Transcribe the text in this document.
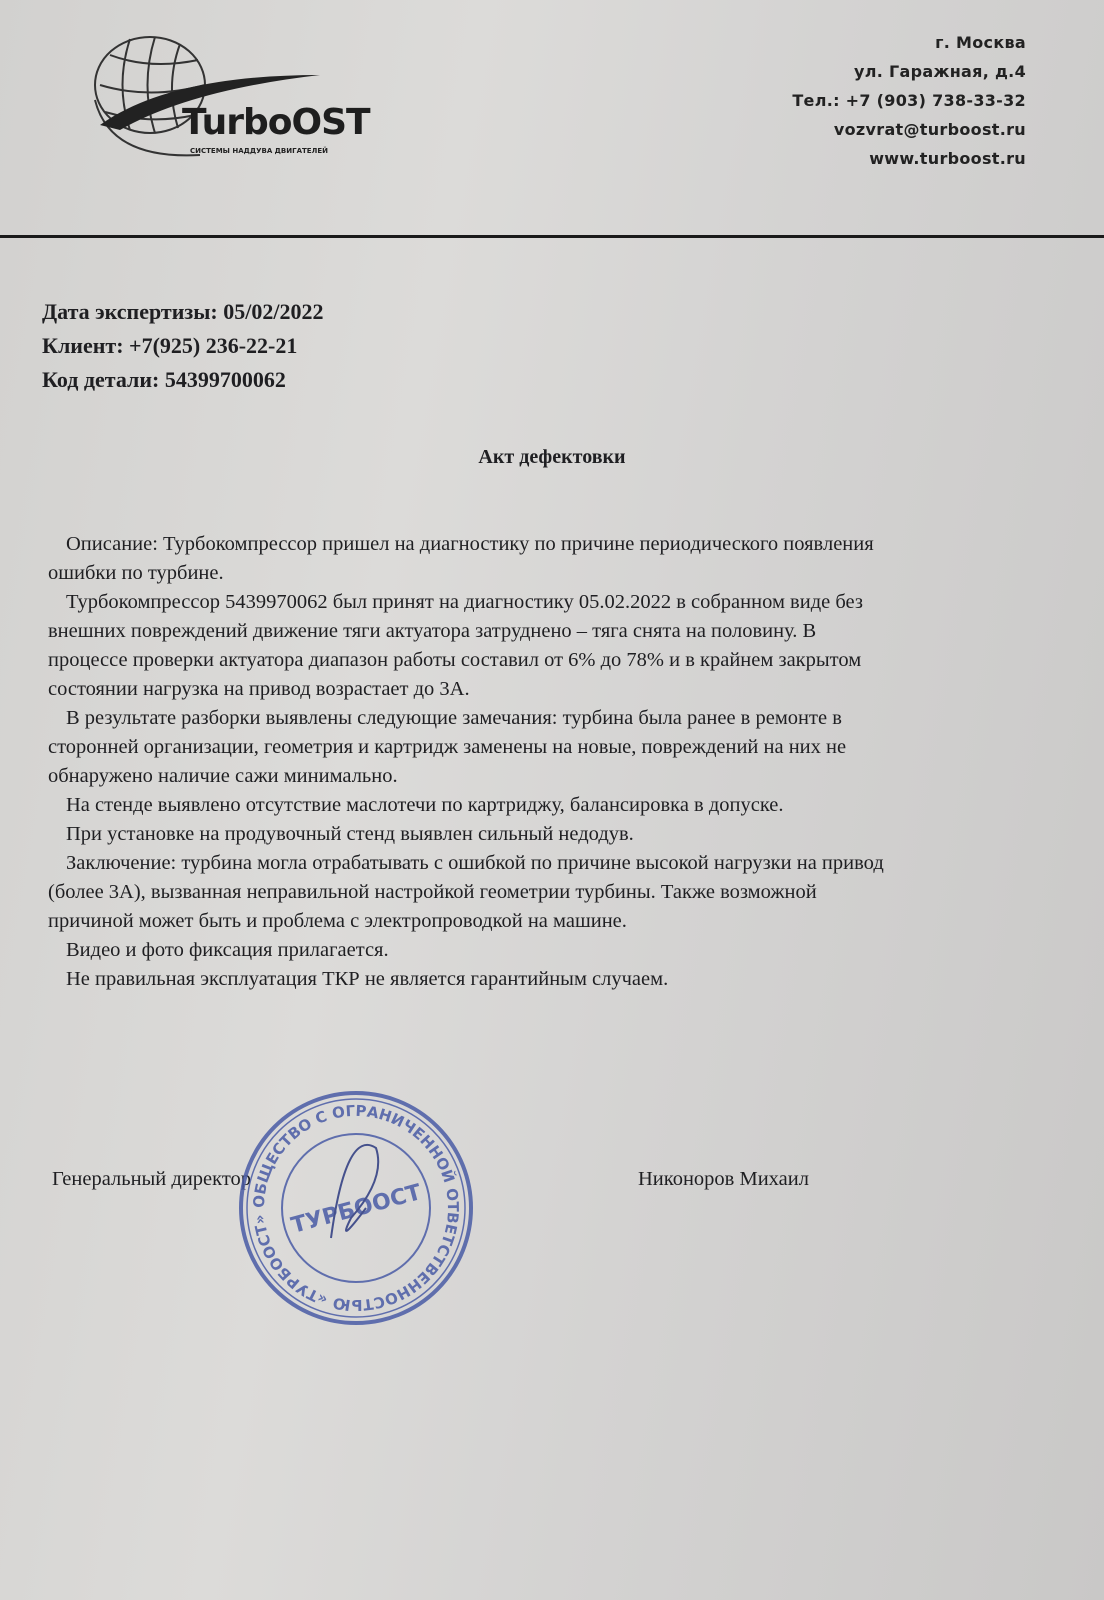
TurboOST
СИСТЕМЫ НАДДУВА ДВИГАТЕЛЕЙ
г. Москва
ул. Гаражная, д.4
Тел.: +7 (903) 738-33-32
vozvrat@turboost.ru
www.turboost.ru
Дата экспертизы: 05/02/2022
Клиент: +7(925) 236-22-21
Код детали: 54399700062
Акт дефектовки
Описание: Турбокомпрессор пришел на диагностику по причине периодического появления
ошибки по турбине.
Турбокомпрессор 5439970062 был принят на диагностику 05.02.2022 в собранном виде без
внешних повреждений движение тяги актуатора затруднено – тяга снята на половину. В
процессе проверки актуатора диапазон работы составил от 6% до 78% и в крайнем закрытом
состоянии нагрузка на привод возрастает до 3А.
В результате разборки выявлены следующие замечания: турбина была ранее в ремонте в
сторонней организации, геометрия и картридж заменены на новые, повреждений на них не
обнаружено наличие сажи минимально.
На стенде выявлено отсутствие маслотечи по картриджу, балансировка в допуске.
При установке на продувочный стенд выявлен сильный недодув.
Заключение: турбина могла отрабатывать с ошибкой по причине высокой нагрузки на привод
(более 3А), вызванная неправильной настройкой геометрии турбины. Также возможной
причиной может быть и проблема с электропроводкой на машине.
Видео и фото фиксация прилагается.
Не правильная эксплуатация ТКР не является гарантийным случаем.
Генеральный директор	Никоноров Михаил
ОБЩЕСТВО С ОГРАНИЧЕННОЙ ОТВЕТСТВЕННОСТЬЮ «ТУРБООСТ» ТУРБООСТ
